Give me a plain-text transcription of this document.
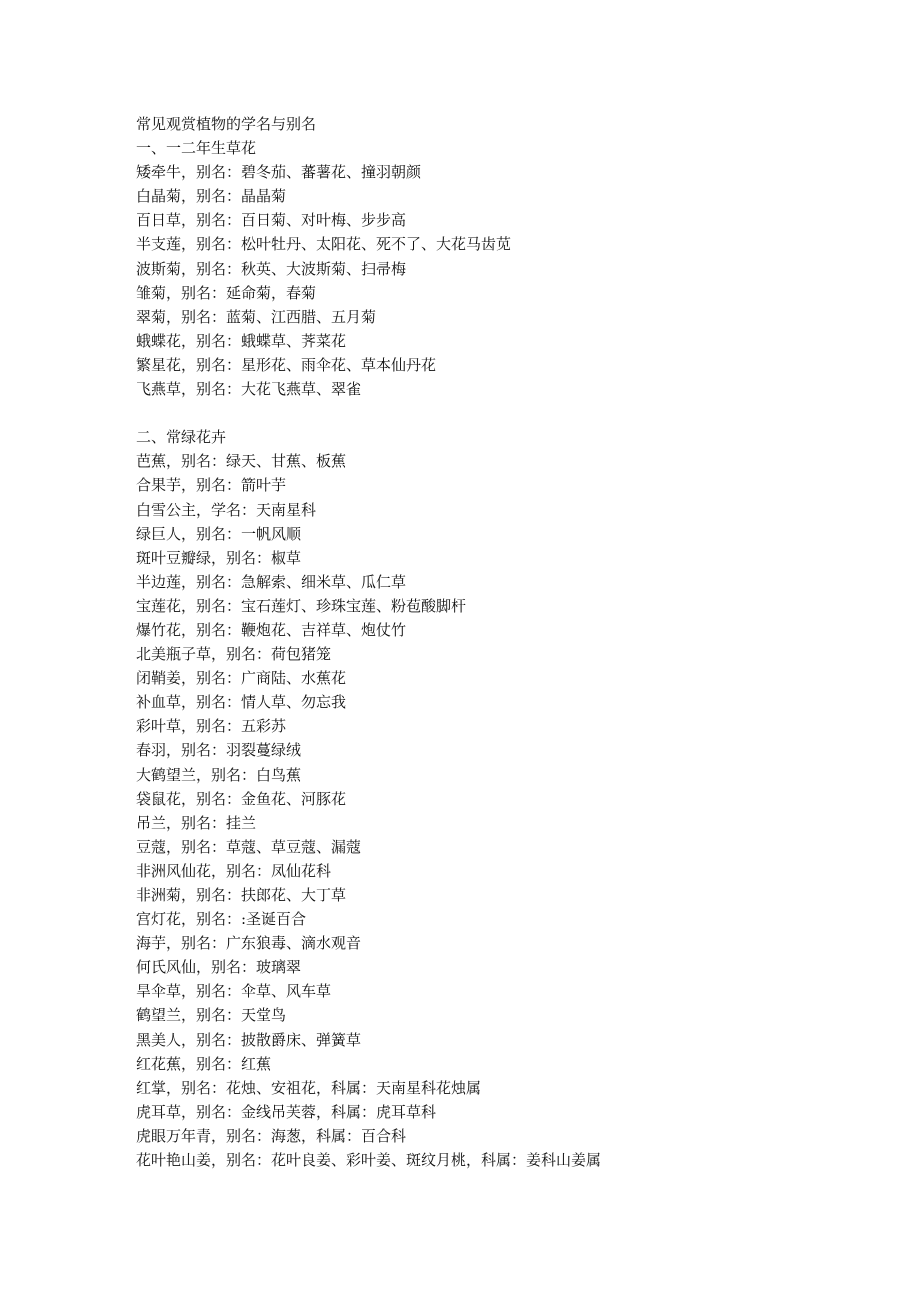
常见观赏植物的学名与别名
一、一二年生草花
矮牵牛，别名：碧冬茄、蕃薯花、撞羽朝颜
白晶菊，别名：晶晶菊
百日草，别名：百日菊、对叶梅、步步高
半支莲，别名：松叶牡丹、太阳花、死不了、大花马齿苋
波斯菊，别名：秋英、大波斯菊、扫帚梅
雏菊，别名：延命菊，春菊
翠菊，别名：蓝菊、江西腊、五月菊
蛾蝶花，别名：蛾蝶草、荠菜花
繁星花，别名：星形花、雨伞花、草本仙丹花
飞燕草，别名：大花飞燕草、翠雀
二、常绿花卉
芭蕉，别名：绿天、甘蕉、板蕉
合果芋，别名：箭叶芋
白雪公主，学名：天南星科
绿巨人，别名：一帆风顺
斑叶豆瓣绿，别名：椒草
半边莲，别名：急解索、细米草、瓜仁草
宝莲花，别名：宝石莲灯、珍珠宝莲、粉苞酸脚杆
爆竹花，别名：鞭炮花、吉祥草、炮仗竹
北美瓶子草，别名：荷包猪笼
闭鞘姜，别名：广商陆、水蕉花
补血草，别名：情人草、勿忘我
彩叶草，别名：五彩苏
春羽，别名：羽裂蔓绿绒
大鹤望兰，别名：白鸟蕉
袋鼠花，别名：金鱼花、河豚花
吊兰，别名：挂兰
豆蔻，别名：草蔻、草豆蔻、漏蔻
非洲风仙花，别名：凤仙花科
非洲菊，别名：扶郎花、大丁草
宫灯花，别名：:圣诞百合
海芋，别名：广东狼毒、滴水观音
何氏风仙，别名：玻璃翠
旱伞草，别名：伞草、风车草
鹤望兰，别名：天堂鸟
黑美人，别名：披散爵床、弹簧草
红花蕉，别名：红蕉
红掌，别名：花烛、安祖花，科属：天南星科花烛属
虎耳草，别名：金线吊芙蓉，科属：虎耳草科
虎眼万年青，别名：海葱，科属：百合科
花叶艳山姜，别名：花叶良姜、彩叶姜、斑纹月桃，科属：姜科山姜属
